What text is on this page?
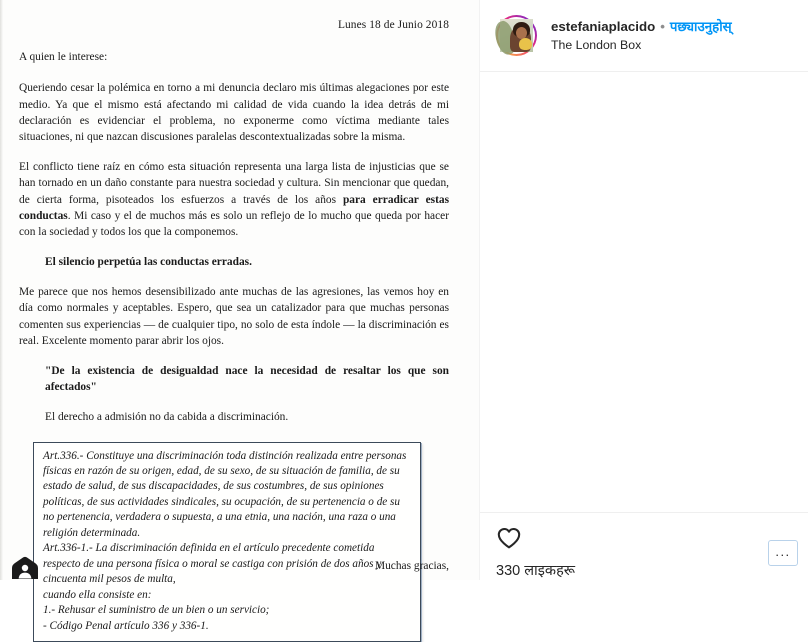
Lunes 18 de Junio 2018
A quien le interese:

Queriendo cesar la polémica en torno a mi denuncia declaro mis últimas alegaciones por este medio. Ya que el mismo está afectando mi calidad de vida cuando la idea detrás de mi declaración es evidenciar el problema, no exponerme como víctima mediante tales situaciones, ni que nazcan discusiones paralelas descontextualizadas sobre la misma.

El conflicto tiene raíz en cómo esta situación representa una larga lista de injusticias que se han tornado en un daño constante para nuestra sociedad y cultura. Sin mencionar que quedan, de cierta forma, pisoteados los esfuerzos a través de los años para erradicar estas conductas. Mi caso y el de muchos más es solo un reflejo de lo mucho que queda por hacer con la sociedad y todos los que la componemos.

El silencio perpetúa las conductas erradas.

Me parece que nos hemos desensibilizado ante muchas de las agresiones, las vemos hoy en día como normales y aceptables. Espero, que sea un catalizador para que muchas personas comenten sus experiencias — de cualquier tipo, no solo de esta índole — la discriminación es real. Excelente momento parar abrir los ojos.

"De la existencia de desigualdad nace la necesidad de resaltar los que son afectados"
El derecho a admisión no da cabida a discriminación.
Art.336.- Constituye una discriminación toda distinción realizada entre personas físicas en razón de su origen, edad, de su sexo, de su situación de familia, de su estado de salud, de sus discapacidades, de sus costumbres, de sus opiniones políticas, de sus actividades sindicales, su ocupación, de su pertenencia o de su no pertenencia, verdadera o supuesta, a una etnia, una nación, una raza o una religión determinada.
Art.336-1.- La discriminación definida en el artículo precedente cometida respecto de una persona física o moral se castiga con prisión de dos años y cincuenta mil pesos de multa,
cuando ella consiste en:
1.- Rehusar el suministro de un bien o un servicio;
- Código Penal artículo 336 y 336-1.
Muchas gracias,
estefaniaplacido • पछ्याउनुहोस्
The London Box
330 लाइकहरू
...
